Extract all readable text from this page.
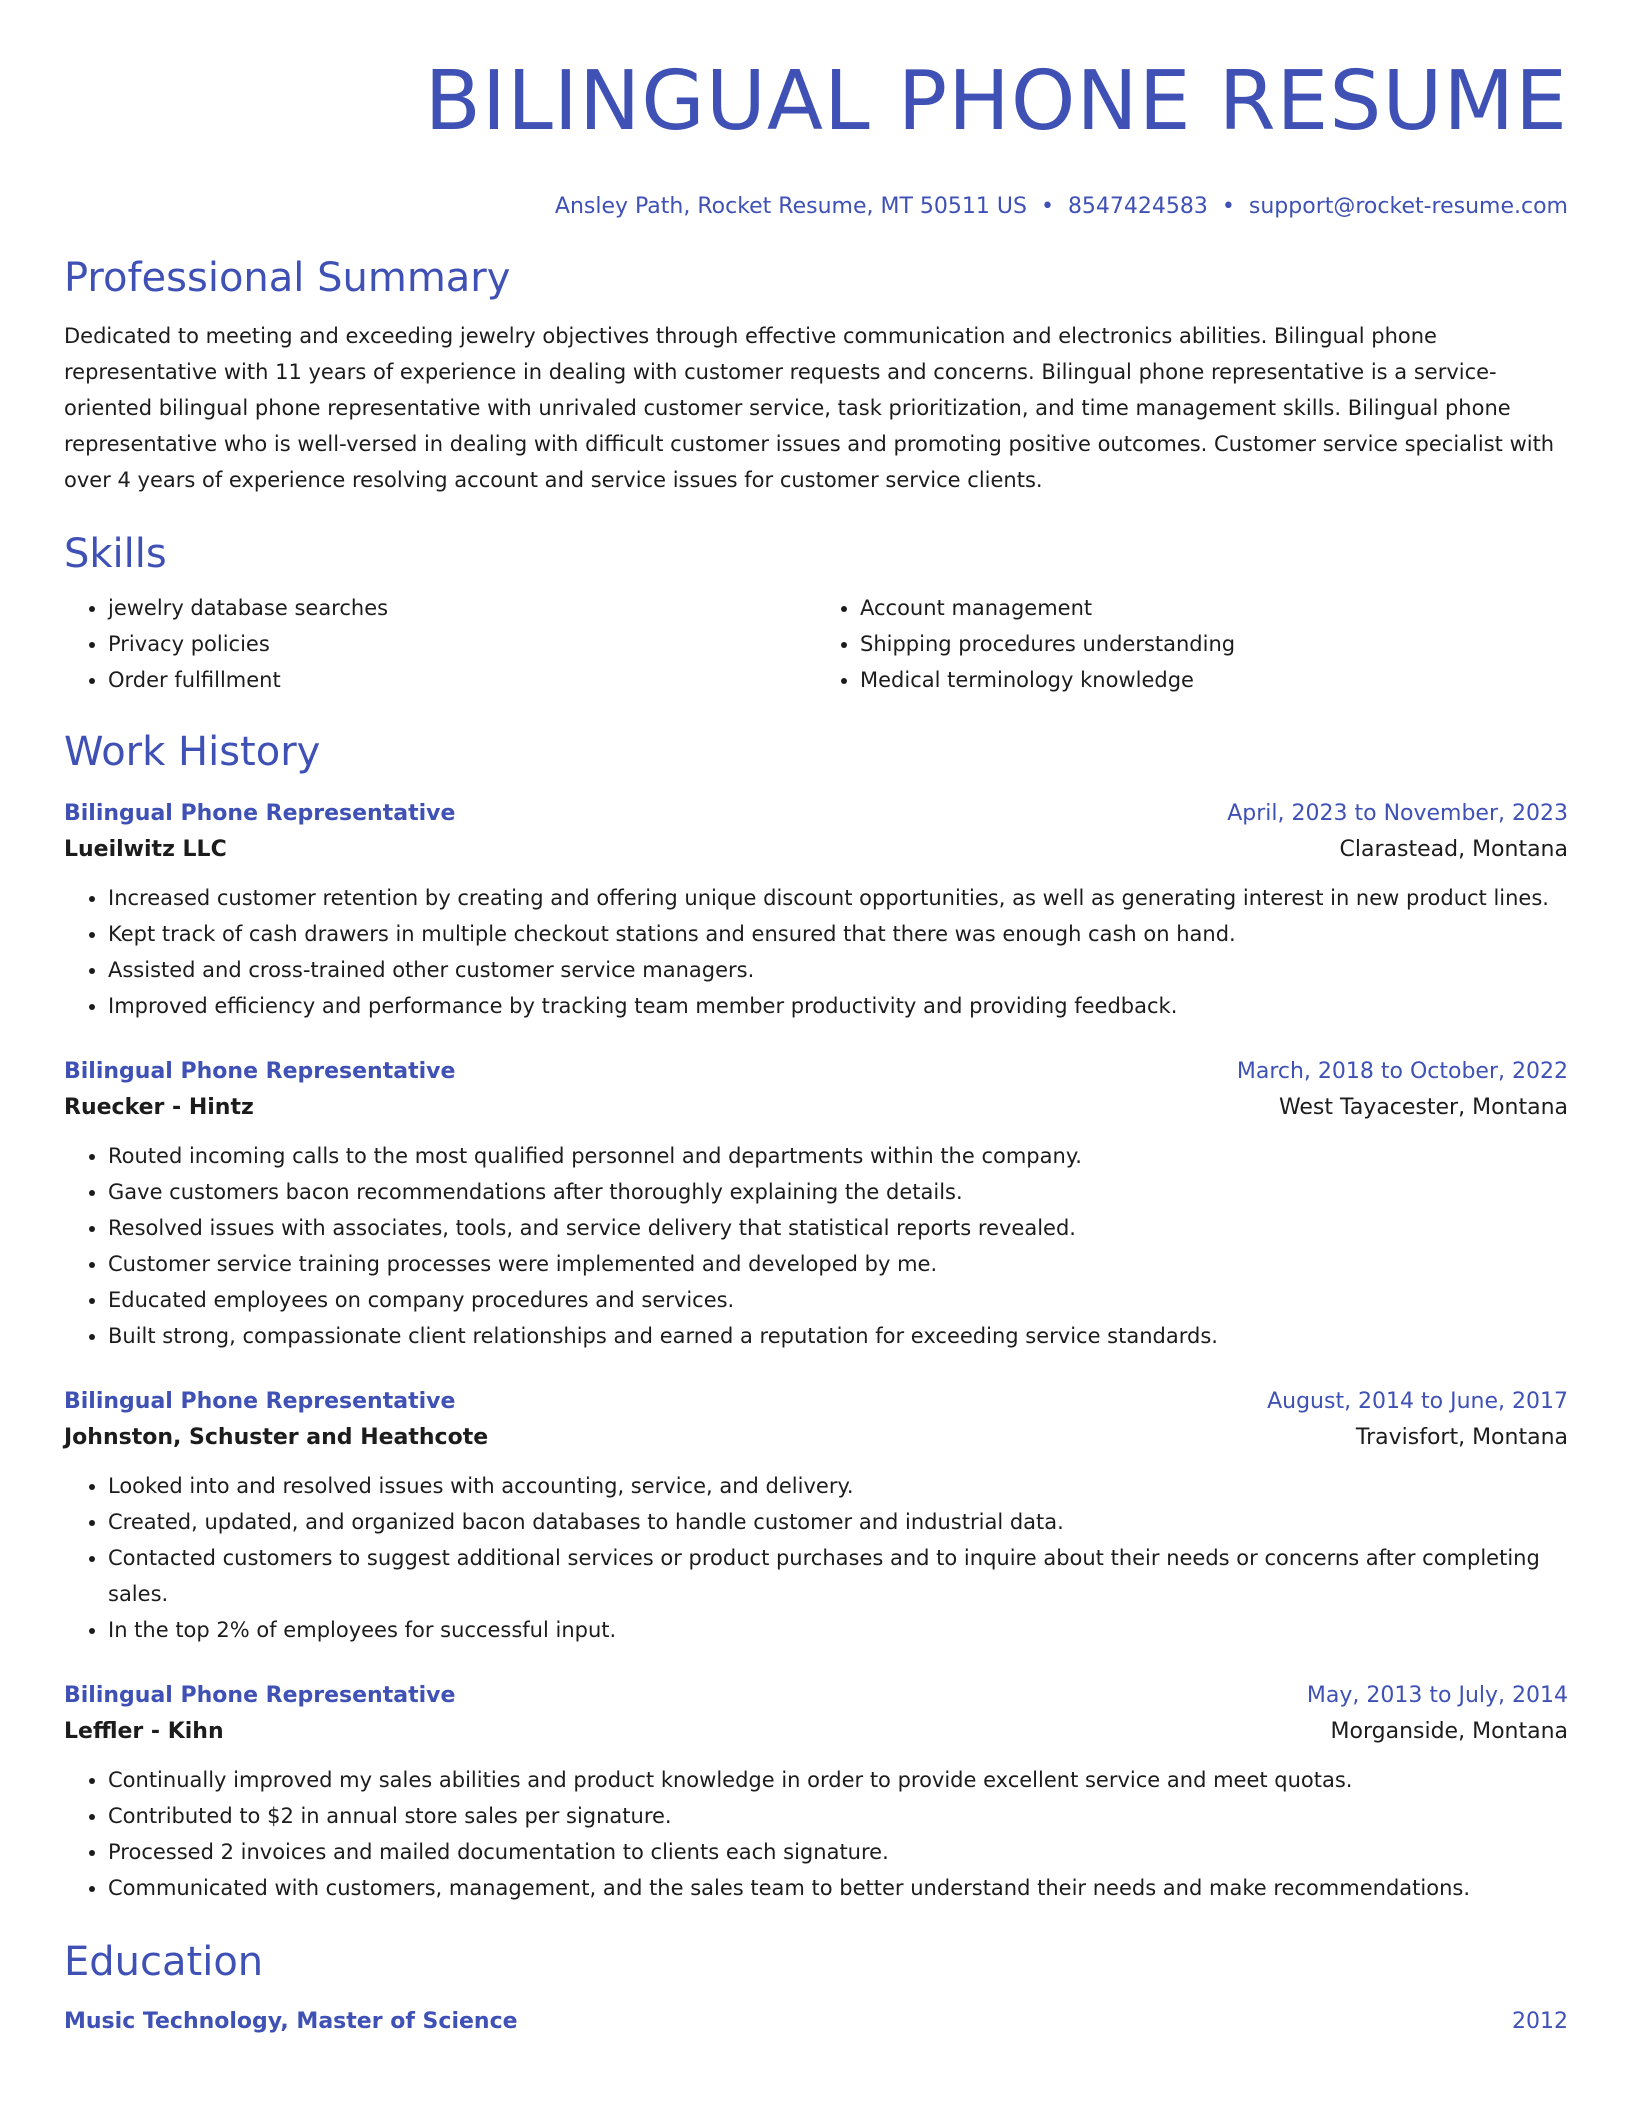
BILINGUAL PHONE RESUME
Ansley Path, Rocket Resume, MT 50511 US • 8547424583 • support@rocket-resume.com
Professional Summary
Dedicated to meeting and exceeding jewelry objectives through effective communication and electronics abilities. Bilingual phone representative with 11 years of experience in dealing with customer requests and concerns. Bilingual phone representative is a service-oriented bilingual phone representative with unrivaled customer service, task prioritization, and time management skills. Bilingual phone representative who is well-versed in dealing with difficult customer issues and promoting positive outcomes. Customer service specialist with over 4 years of experience resolving account and service issues for customer service clients.
Skills
• jewelry database searches
• Privacy policies
• Order fulfillment
• Account management
• Shipping procedures understanding
• Medical terminology knowledge
Work History
Bilingual Phone Representative	April, 2023 to November, 2023
Lueilwitz LLC	Clarastead, Montana
• Increased customer retention by creating and offering unique discount opportunities, as well as generating interest in new product lines.
• Kept track of cash drawers in multiple checkout stations and ensured that there was enough cash on hand.
• Assisted and cross-trained other customer service managers.
• Improved efficiency and performance by tracking team member productivity and providing feedback.
Bilingual Phone Representative	March, 2018 to October, 2022
Ruecker - Hintz	West Tayacester, Montana
• Routed incoming calls to the most qualified personnel and departments within the company.
• Gave customers bacon recommendations after thoroughly explaining the details.
• Resolved issues with associates, tools, and service delivery that statistical reports revealed.
• Customer service training processes were implemented and developed by me.
• Educated employees on company procedures and services.
• Built strong, compassionate client relationships and earned a reputation for exceeding service standards.
Bilingual Phone Representative	August, 2014 to June, 2017
Johnston, Schuster and Heathcote	Travisfort, Montana
• Looked into and resolved issues with accounting, service, and delivery.
• Created, updated, and organized bacon databases to handle customer and industrial data.
• Contacted customers to suggest additional services or product purchases and to inquire about their needs or concerns after completing sales.
• In the top 2% of employees for successful input.
Bilingual Phone Representative	May, 2013 to July, 2014
Leffler - Kihn	Morganside, Montana
• Continually improved my sales abilities and product knowledge in order to provide excellent service and meet quotas.
• Contributed to $2 in annual store sales per signature.
• Processed 2 invoices and mailed documentation to clients each signature.
• Communicated with customers, management, and the sales team to better understand their needs and make recommendations.
Education
Music Technology, Master of Science	2012
